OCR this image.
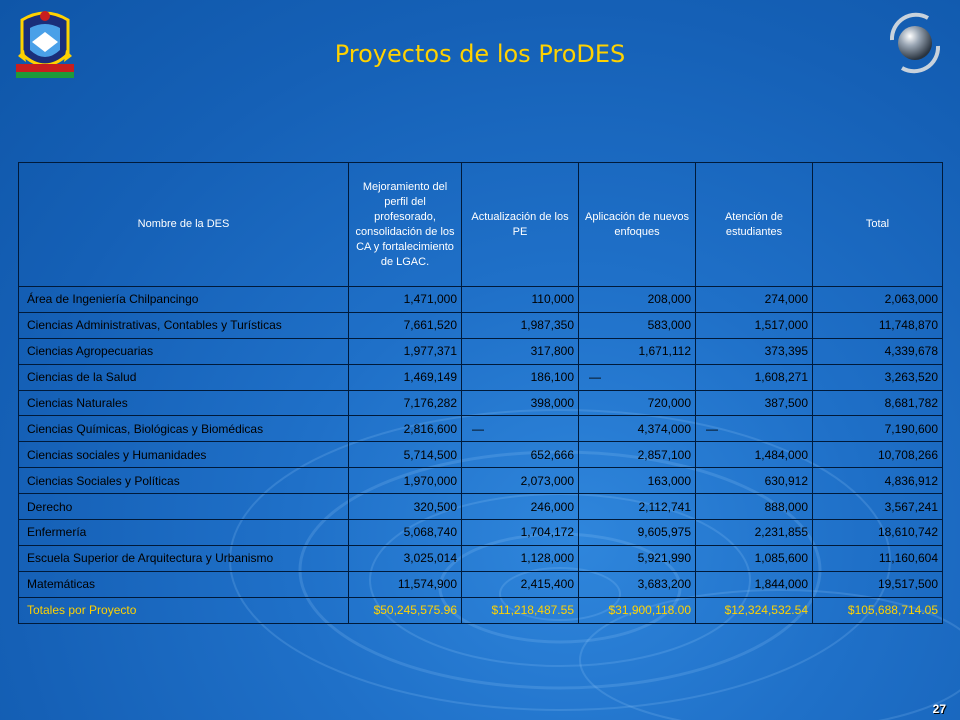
Proyectos de los ProDES
Nombre de la DES	Mejoramiento del perfil del profesorado, consolidación de los CA y fortalecimiento de LGAC.	Actualización de los PE	Aplicación de nuevos enfoques	Atención de estudiantes	Total
Área de Ingeniería Chilpancingo	1,471,000	110,000	208,000	274,000	2,063,000
Ciencias Administrativas, Contables y Turísticas	7,661,520	1,987,350	583,000	1,517,000	11,748,870
Ciencias Agropecuarias	1,977,371	317,800	1,671,112	373,395	4,339,678
Ciencias de la Salud	1,469,149	186,100	—	1,608,271	3,263,520
Ciencias Naturales	7,176,282	398,000	720,000	387,500	8,681,782
Ciencias Químicas, Biológicas y Biomédicas	2,816,600	—	4,374,000	—	7,190,600
Ciencias sociales y Humanidades	5,714,500	652,666	2,857,100	1,484,000	10,708,266
Ciencias Sociales y Políticas	1,970,000	2,073,000	163,000	630,912	4,836,912
Derecho	320,500	246,000	2,112,741	888,000	3,567,241
Enfermería	5,068,740	1,704,172	9,605,975	2,231,855	18,610,742
Escuela Superior de Arquitectura y Urbanismo	3,025,014	1,128,000	5,921,990	1,085,600	11,160,604
Matemáticas	11,574,900	2,415,400	3,683,200	1,844,000	19,517,500
Totales por Proyecto	$50,245,575.96	$11,218,487.55	$31,900,118.00	$12,324,532.54	$105,688,714.05
27
